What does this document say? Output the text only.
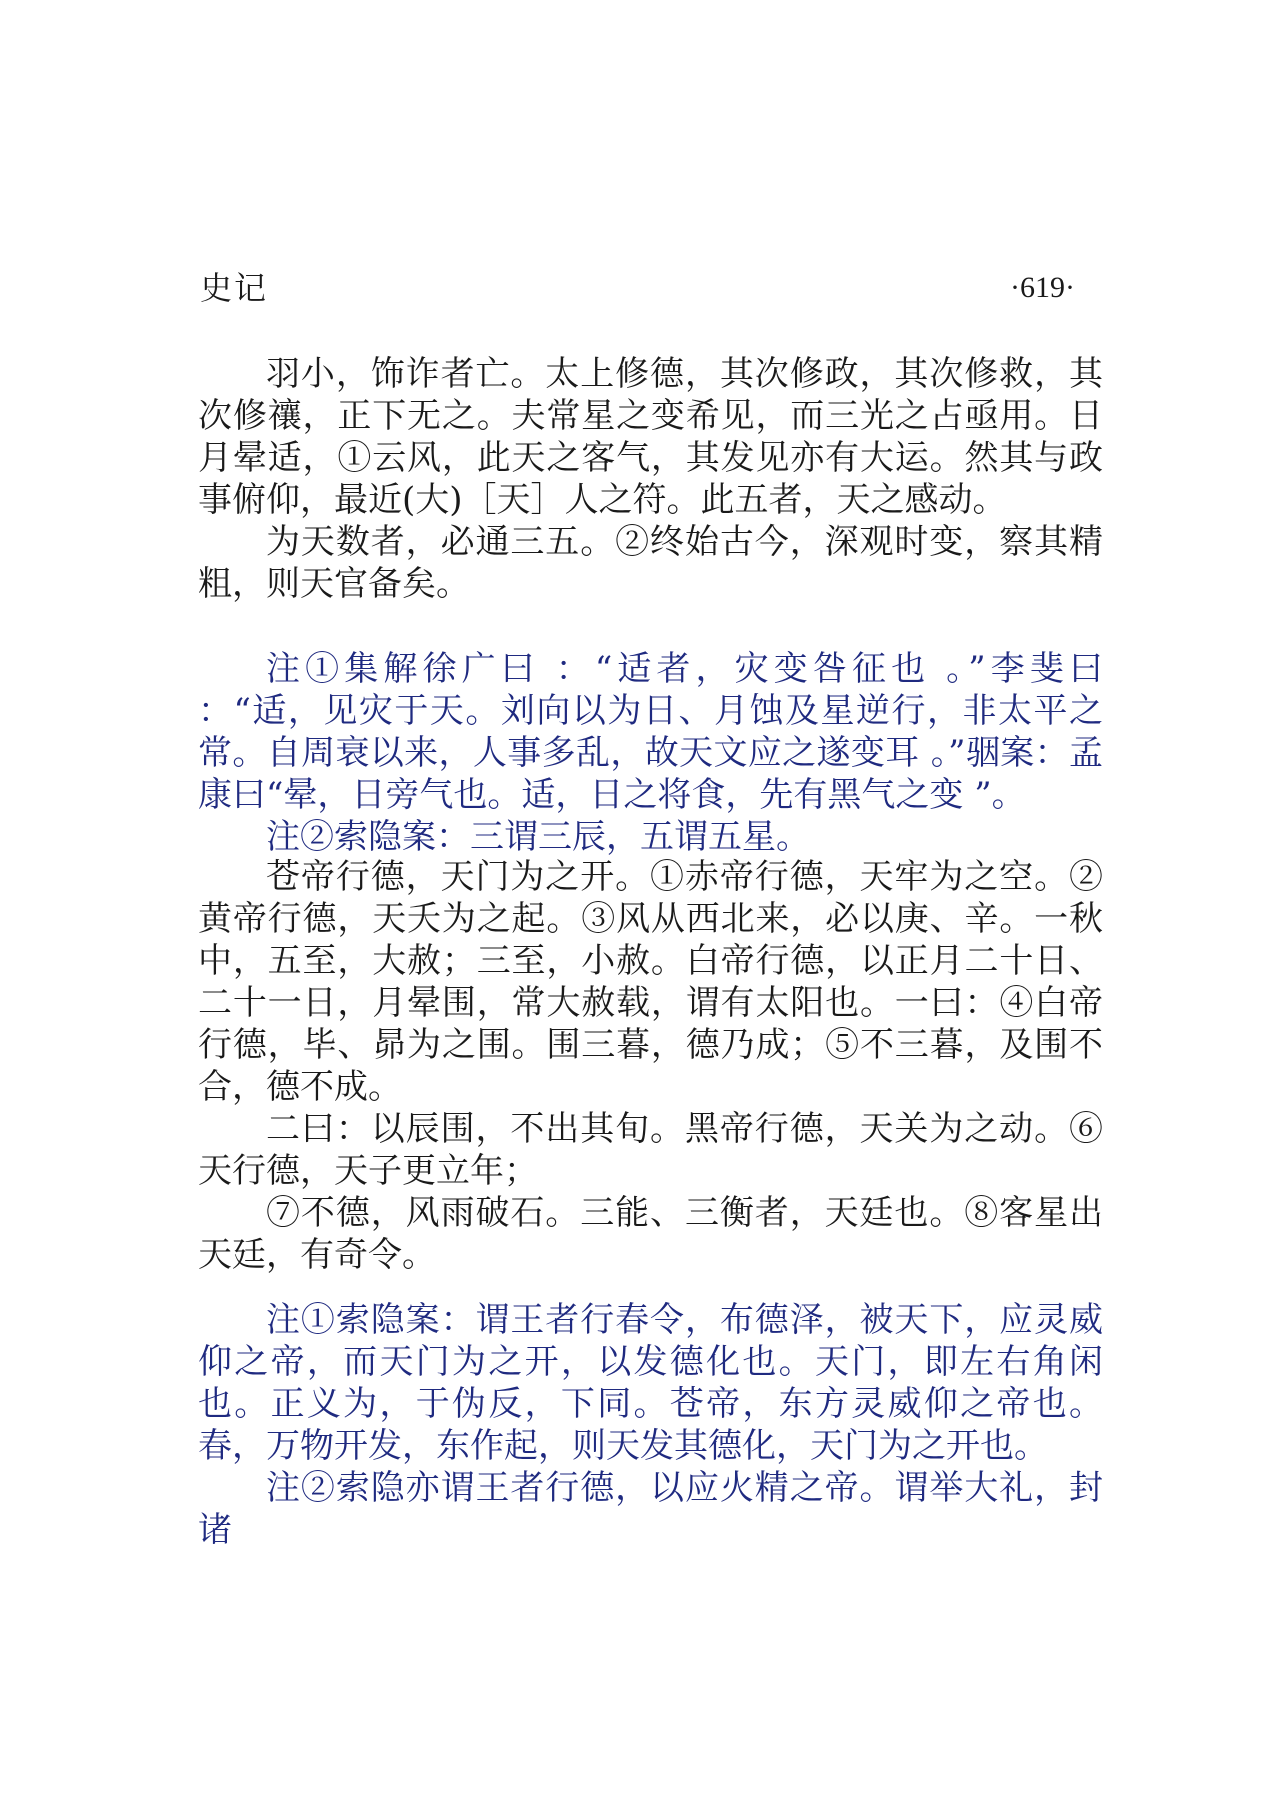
史记	·619·

羽小，饰诈者亡。太上修德，其次修政，其次修救，其次修禳，正下无之。夫常星之变希见，而三光之占亟用。日月晕适，①云风，此天之客气，其发见亦有大运。然其与政事俯仰，最近(大)［天］人之符。此五者，天之感动。

为天数者，必通三五。②终始古今，深观时变，察其精粗，则天官备矣。

注①集解徐广曰 ：“适者，灾变咎征也 。”李斐曰 ：“适，见灾于天。刘向以为日、月蚀及星逆行，非太平之常。自周衰以来，人事多乱，故天文应之遂变耳 。”骃案：孟康曰“晕，日旁气也。适，日之将食，先有黑气之变 ”。

注②索隐案：三谓三辰，五谓五星。

苍帝行德，天门为之开。①赤帝行德，天牢为之空。②黄帝行德，天夭为之起。③风从西北来，必以庚、辛。一秋中，五至，大赦；三至，小赦。白帝行德，以正月二十日、二十一日，月晕围，常大赦载，谓有太阳也。一曰：④白帝行德，毕、昴为之围。围三暮，德乃成；⑤不三暮，及围不合，德不成。

二曰：以辰围，不出其旬。黑帝行德，天关为之动。⑥天行德，天子更立年；

⑦不德，风雨破石。三能、三衡者，天廷也。⑧客星出天廷，有奇令。

注①索隐案：谓王者行春令，布德泽，被天下，应灵威仰之帝，而天门为之开，以发德化也。天门，即左右角闲也。正义为，于伪反，下同。苍帝，东方灵威仰之帝也。春，万物开发，东作起，则天发其德化，天门为之开也。

注②索隐亦谓王者行德，以应火精之帝。谓举大礼，封诸
